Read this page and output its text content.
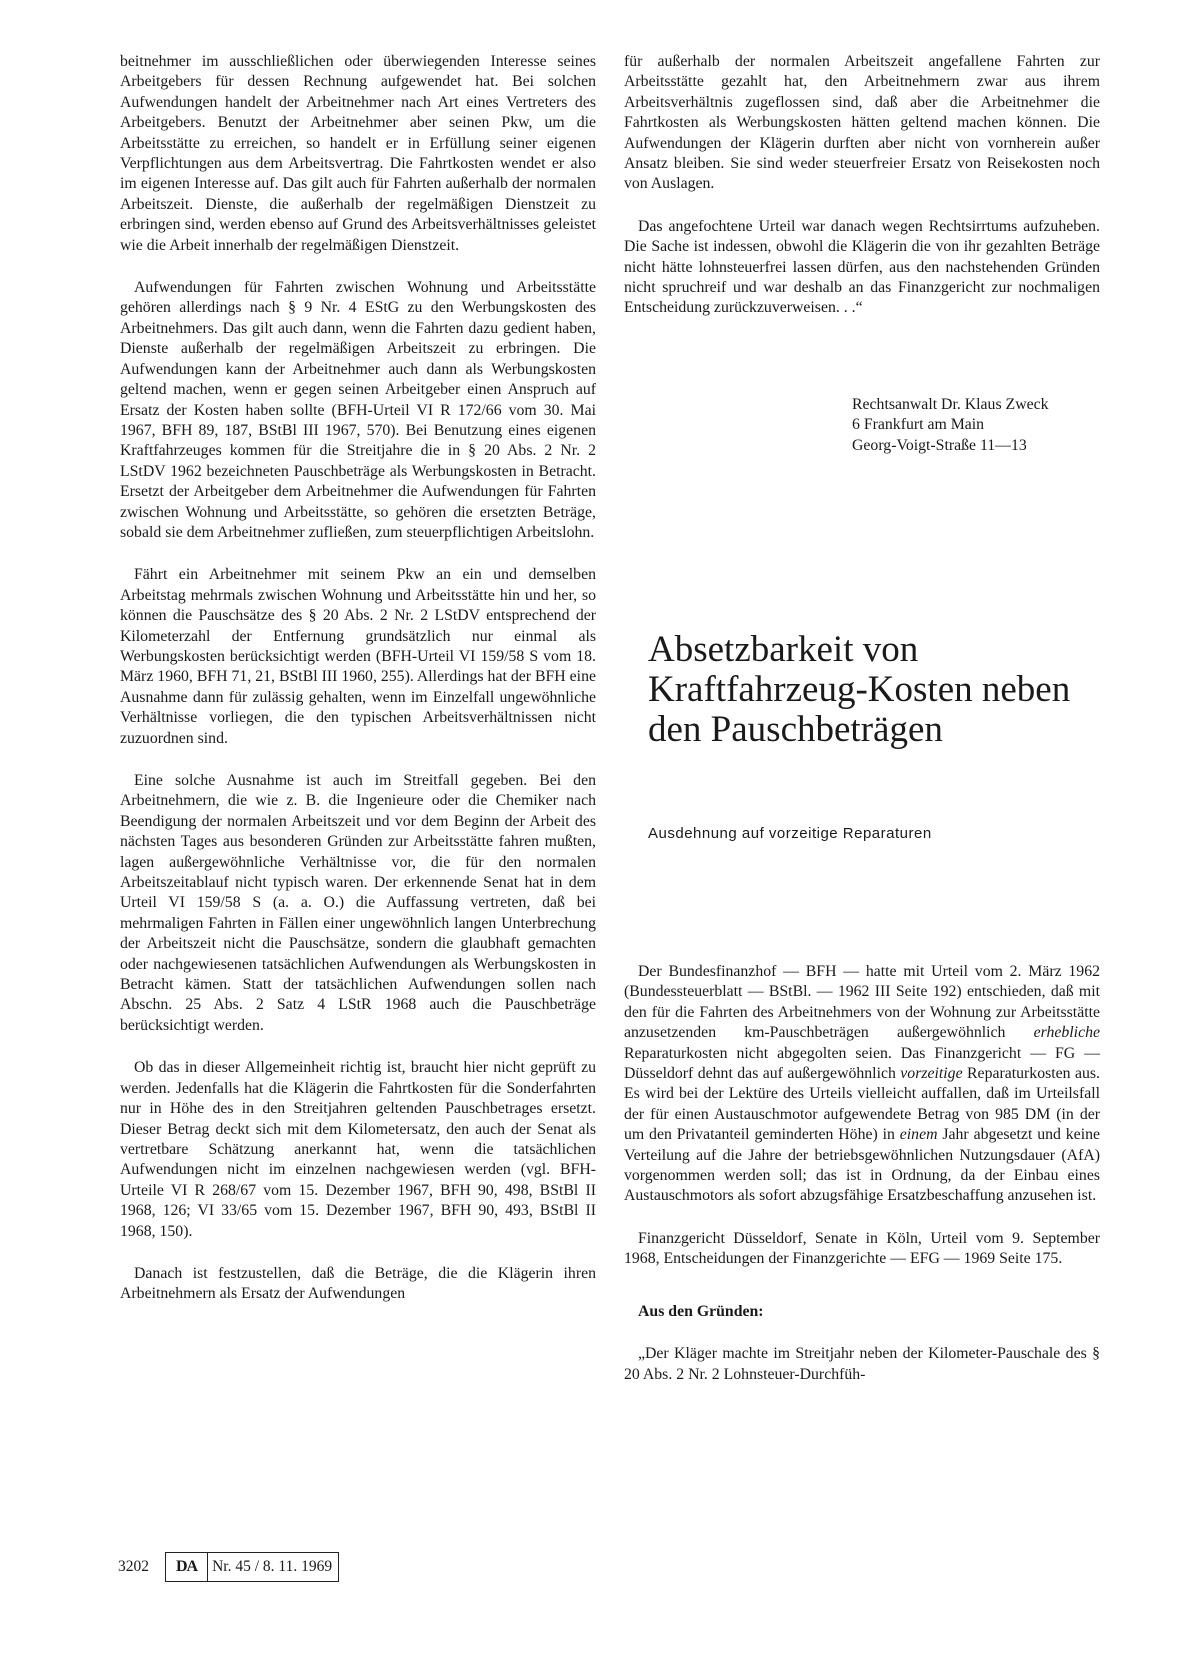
beitnehmer im ausschließlichen oder überwiegenden Interesse seines Arbeitgebers für dessen Rechnung aufgewendet hat. Bei solchen Aufwendungen handelt der Arbeitnehmer nach Art eines Vertreters des Arbeitgebers. Benutzt der Arbeitnehmer aber seinen Pkw, um die Arbeitsstätte zu erreichen, so handelt er in Erfüllung seiner eigenen Verpflichtungen aus dem Arbeitsvertrag. Die Fahrtkosten wendet er also im eigenen Interesse auf. Das gilt auch für Fahrten außerhalb der normalen Arbeitszeit. Dienste, die außerhalb der regelmäßigen Dienstzeit zu erbringen sind, werden ebenso auf Grund des Arbeitsverhältnisses geleistet wie die Arbeit innerhalb der regelmäßigen Dienstzeit.

Aufwendungen für Fahrten zwischen Wohnung und Arbeitsstätte gehören allerdings nach § 9 Nr. 4 EStG zu den Werbungskosten des Arbeitnehmers. Das gilt auch dann, wenn die Fahrten dazu gedient haben, Dienste außerhalb der regelmäßigen Arbeitszeit zu erbringen. Die Aufwendungen kann der Arbeitnehmer auch dann als Werbungskosten geltend machen, wenn er gegen seinen Arbeitgeber einen Anspruch auf Ersatz der Kosten haben sollte (BFH-Urteil VI R 172/66 vom 30. Mai 1967, BFH 89, 187, BStBl III 1967, 570). Bei Benutzung eines eigenen Kraftfahrzeuges kommen für die Streitjahre die in § 20 Abs. 2 Nr. 2 LStDV 1962 bezeichneten Pauschbeträge als Werbungskosten in Betracht. Ersetzt der Arbeitgeber dem Arbeitnehmer die Aufwendungen für Fahrten zwischen Wohnung und Arbeitsstätte, so gehören die ersetzten Beträge, sobald sie dem Arbeitnehmer zufließen, zum steuerpflichtigen Arbeitslohn.

Fährt ein Arbeitnehmer mit seinem Pkw an ein und demselben Arbeitstag mehrmals zwischen Wohnung und Arbeitsstätte hin und her, so können die Pauschsätze des § 20 Abs. 2 Nr. 2 LStDV entsprechend der Kilometerzahl der Entfernung grundsätzlich nur einmal als Werbungskosten berücksichtigt werden (BFH-Urteil VI 159/58 S vom 18. März 1960, BFH 71, 21, BStBl III 1960, 255). Allerdings hat der BFH eine Ausnahme dann für zulässig gehalten, wenn im Einzelfall ungewöhnliche Verhältnisse vorliegen, die den typischen Arbeitsverhältnissen nicht zuzuordnen sind.

Eine solche Ausnahme ist auch im Streitfall gegeben. Bei den Arbeitnehmern, die wie z. B. die Ingenieure oder die Chemiker nach Beendigung der normalen Arbeitszeit und vor dem Beginn der Arbeit des nächsten Tages aus besonderen Gründen zur Arbeitsstätte fahren mußten, lagen außergewöhnliche Verhältnisse vor, die für den normalen Arbeitszeitablauf nicht typisch waren. Der erkennende Senat hat in dem Urteil VI 159/58 S (a. a. O.) die Auffassung vertreten, daß bei mehrmaligen Fahrten in Fällen einer ungewöhnlich langen Unterbrechung der Arbeitszeit nicht die Pauschsätze, sondern die glaubhaft gemachten oder nachgewiesenen tatsächlichen Aufwendungen als Werbungskosten in Betracht kämen. Statt der tatsächlichen Aufwendungen sollen nach Abschn. 25 Abs. 2 Satz 4 LStR 1968 auch die Pauschbeträge berücksichtigt werden.

Ob das in dieser Allgemeinheit richtig ist, braucht hier nicht geprüft zu werden. Jedenfalls hat die Klägerin die Fahrtkosten für die Sonderfahrten nur in Höhe des in den Streitjahren geltenden Pauschbetrages ersetzt. Dieser Betrag deckt sich mit dem Kilometersatz, den auch der Senat als vertretbare Schätzung anerkannt hat, wenn die tatsächlichen Aufwendungen nicht im einzelnen nachgewiesen werden (vgl. BFH-Urteile VI R 268/67 vom 15. Dezember 1967, BFH 90, 498, BStBl II 1968, 126; VI 33/65 vom 15. Dezember 1967, BFH 90, 493, BStBl II 1968, 150).

Danach ist festzustellen, daß die Beträge, die die Klägerin ihren Arbeitnehmern als Ersatz der Aufwendungen

für außerhalb der normalen Arbeitszeit angefallene Fahrten zur Arbeitsstätte gezahlt hat, den Arbeitnehmern zwar aus ihrem Arbeitsverhältnis zugeflossen sind, daß aber die Arbeitnehmer die Fahrtkosten als Werbungskosten hätten geltend machen können. Die Aufwendungen der Klägerin durften aber nicht von vornherein außer Ansatz bleiben. Sie sind weder steuerfreier Ersatz von Reisekosten noch von Auslagen.

Das angefochtene Urteil war danach wegen Rechtsirrtums aufzuheben. Die Sache ist indessen, obwohl die Klägerin die von ihr gezahlten Beträge nicht hätte lohnsteuerfrei lassen dürfen, aus den nachstehenden Gründen nicht spruchreif und war deshalb an das Finanzgericht zur nochmaligen Entscheidung zurückzuverweisen. . .“

Rechtsanwalt Dr. Klaus Zweck
6 Frankfurt am Main
Georg-Voigt-Straße 11—13
Absetzbarkeit von
Kraftfahrzeug-Kosten neben
den Pauschbeträgen
Ausdehnung auf vorzeitige Reparaturen

Der Bundesfinanzhof — BFH — hatte mit Urteil vom 2. März 1962 (Bundessteuerblatt — BStBl. — 1962 III Seite 192) entschieden, daß mit den für die Fahrten des Arbeitnehmers von der Wohnung zur Arbeitsstätte anzusetzenden km-Pauschbeträgen außergewöhnlich erhebliche Reparaturkosten nicht abgegolten seien. Das Finanzgericht — FG — Düsseldorf dehnt das auf außergewöhnlich vorzeitige Reparaturkosten aus. Es wird bei der Lektüre des Urteils vielleicht auffallen, daß im Urteilsfall der für einen Austauschmotor aufgewendete Betrag von 985 DM (in der um den Privatanteil geminderten Höhe) in einem Jahr abgesetzt und keine Verteilung auf die Jahre der betriebsgewöhnlichen Nutzungsdauer (AfA) vorgenommen werden soll; das ist in Ordnung, da der Einbau eines Austauschmotors als sofort abzugsfähige Ersatzbeschaffung anzusehen ist.

Finanzgericht Düsseldorf, Senate in Köln, Urteil vom 9. September 1968, Entscheidungen der Finanzgerichte — EFG — 1969 Seite 175.

Aus den Gründen:

„Der Kläger machte im Streitjahr neben der Kilometer-Pauschale des § 20 Abs. 2 Nr. 2 Lohnsteuer-Durchfüh-

3202	DA Nr. 45 / 8. 11. 1969
